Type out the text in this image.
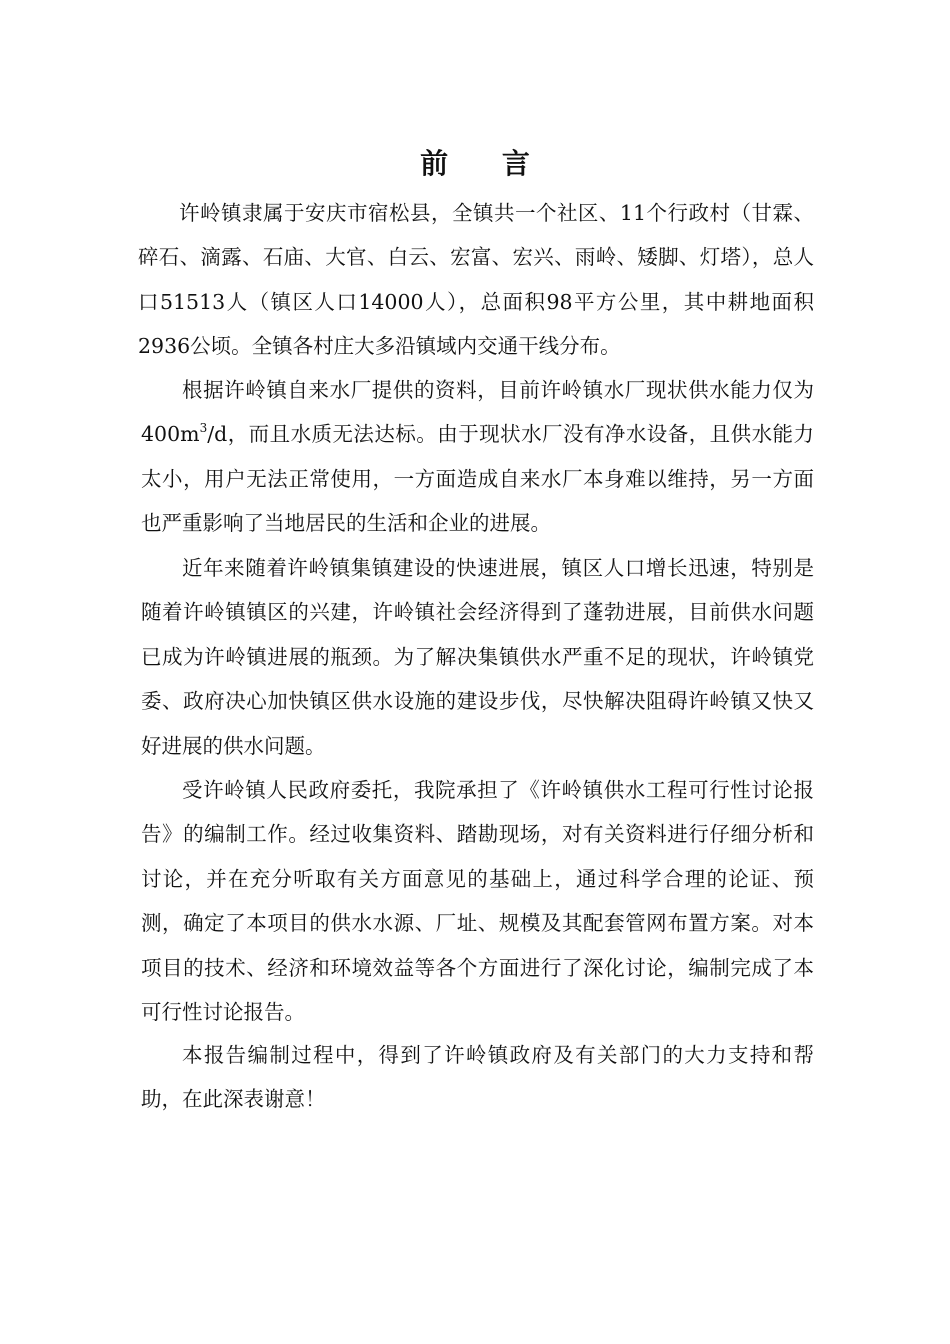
前 言

许岭镇隶属于安庆市宿松县，全镇共一个社区、11个行政村（甘霖、碎石、滴露、石庙、大官、白云、宏富、宏兴、雨岭、矮脚、灯塔），总人口51513人（镇区人口14000人），总面积98平方公里，其中耕地面积2936公顷。全镇各村庄大多沿镇域内交通干线分布。

根据许岭镇自来水厂提供的资料，目前许岭镇水厂现状供水能力仅为$400m^3/d$，而且水质无法达标。由于现状水厂没有净水设备，且供水能力太小，用户无法正常使用，一方面造成自来水厂本身难以维持，另一方面也严重影响了当地居民的生活和企业的进展。

近年来随着许岭镇集镇建设的快速进展，镇区人口增长迅速，特别是随着许岭镇镇区的兴建，许岭镇社会经济得到了蓬勃进展，目前供水问题已成为许岭镇进展的瓶颈。为了解决集镇供水严重不足的现状，许岭镇党委、政府决心加快镇区供水设施的建设步伐，尽快解决阻碍许岭镇又快又好进展的供水问题。

受许岭镇人民政府委托，我院承担了《许岭镇供水工程可行性讨论报告》的编制工作。经过收集资料、踏勘现场，对有关资料进行仔细分析和讨论，并在充分听取有关方面意见的基础上，通过科学合理的论证、预测，确定了本项目的供水水源、厂址、规模及其配套管网布置方案。对本项目的技术、经济和环境效益等各个方面进行了深化讨论，编制完成了本可行性讨论报告。

本报告编制过程中，得到了许岭镇政府及有关部门的大力支持和帮助，在此深表谢意！
